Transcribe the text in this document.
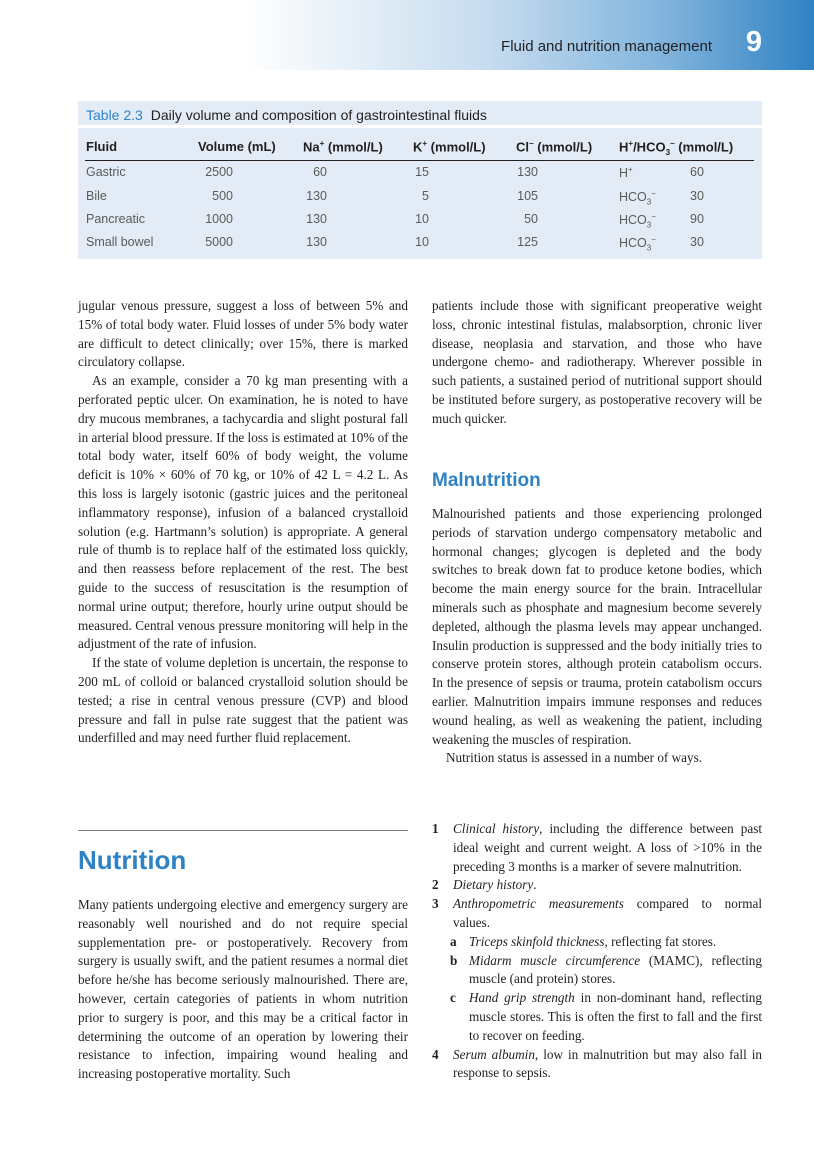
Fluid and nutrition management 9
Table 2.3 Daily volume and composition of gastrointestinal fluids
Fluid	Volume (mL) Na+ (mmol/L) K+ (mmol/L) Cl− (mmol/L) $H^+/HCO_3^-$ (mmol/L)
Gastric	2500	60	15	130	H+	60
Bile	500	130	5	105	$HCO_3^-$	30
Pancreatic	1000	130	10	50	$HCO_3^-$	90
Small bowel	5000	130	10	125	$HCO_3^-$	30

jugular venous pressure, suggest a loss of between 5% and 15% of total body water. Fluid losses of under 5% body water are difficult to detect clinically; over 15%, there is marked circulatory collapse.

As an example, consider a 70 kg man presenting with a perforated peptic ulcer. On examination, he is noted to have dry mucous membranes, a tachycardia and slight postural fall in arterial blood pressure. If the loss is estimated at 10% of the total body water, itself 60% of body weight, the volume deficit is 10% × 60% of 70 kg, or 10% of 42 L = 4.2 L. As this loss is largely isotonic (gastric juices and the peritoneal inflammatory response), infusion of a balanced crystalloid solution (e.g. Hartmann’s solution) is appropriate. A general rule of thumb is to replace half of the estimated loss quickly, and then reassess before replacement of the rest. The best guide to the success of resuscitation is the resumption of normal urine output; therefore, hourly urine output should be measured. Central venous pressure monitoring will help in the adjustment of the rate of infusion.

If the state of volume depletion is uncertain, the response to 200 mL of colloid or balanced crystalloid solution should be tested; a rise in central venous pressure (CVP) and blood pressure and fall in pulse rate suggest that the patient was underfilled and may need further fluid replacement.

Nutrition

Many patients undergoing elective and emergency surgery are reasonably well nourished and do not require special supplementation pre- or postoperatively. Recovery from surgery is usually swift, and the patient resumes a normal diet before he/she has become seriously malnourished. There are, however, certain categories of patients in whom nutrition prior to surgery is poor, and this may be a critical factor in determining the outcome of an operation by lowering their resistance to infection, impairing wound healing and increasing postoperative mortality. Such

patients include those with significant preoperative weight loss, chronic intestinal fistulas, malabsorption, chronic liver disease, neoplasia and starvation, and those who have undergone chemo- and radiotherapy. Wherever possible in such patients, a sustained period of nutritional support should be instituted before surgery, as postoperative recovery will be much quicker.

Malnutrition

Malnourished patients and those experiencing prolonged periods of starvation undergo compensatory metabolic and hormonal changes; glycogen is depleted and the body switches to break down fat to produce ketone bodies, which become the main energy source for the brain. Intracellular minerals such as phosphate and magnesium become severely depleted, although the plasma levels may appear unchanged. Insulin production is suppressed and the body initially tries to conserve protein stores, although protein catabolism occurs. In the presence of sepsis or trauma, protein catabolism occurs earlier. Malnutrition impairs immune responses and reduces wound healing, as well as weakening the patient, including weakening the muscles of respiration.

Nutrition status is assessed in a number of ways.

1 Clinical history, including the difference between past ideal weight and current weight. A loss of >10% in the preceding 3 months is a marker of severe malnutrition.
2 Dietary history.
3 Anthropometric measurements compared to normal values.
a Triceps skinfold thickness, reflecting fat stores.
b Midarm muscle circumference (MAMC), reflecting muscle (and protein) stores.
c Hand grip strength in non-dominant hand, reflecting muscle stores. This is often the first to fall and the first to recover on feeding.
4 Serum albumin, low in malnutrition but may also fall in response to sepsis.
